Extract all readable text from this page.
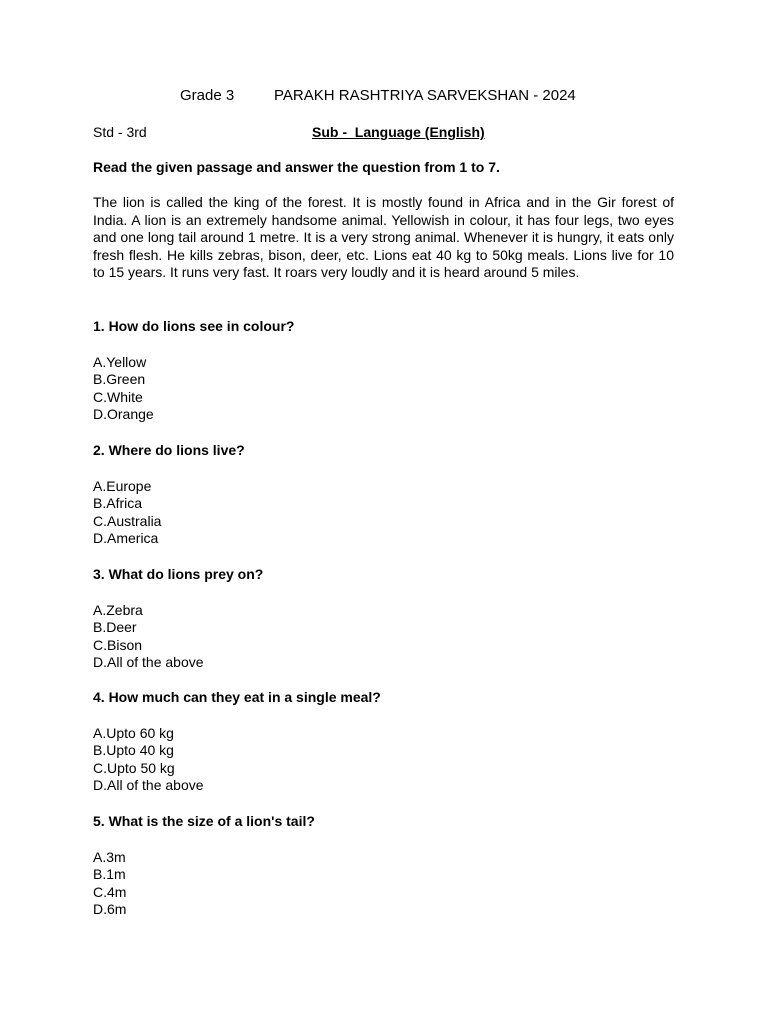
Grade 3	PARAKH RASHTRIYA SARVEKSHAN - 2024
Std - 3rd	Sub -  Language (English)
Read the given passage and answer the question from 1 to 7.

The lion is called the king of the forest. It is mostly found in Africa and in the Gir forest of India. A lion is an extremely handsome animal. Yellowish in colour, it has four legs, two eyes and one long tail around 1 metre. It is a very strong animal. Whenever it is hungry, it eats only fresh flesh. He kills zebras, bison, deer, etc. Lions eat 40 kg to 50kg meals. Lions live for 10 to 15 years. It runs very fast. It roars very loudly and it is heard around 5 miles.

1. How do lions see in colour?

A.Yellow
B.Green
C.White
D.Orange

2. Where do lions live?

A.Europe
B.Africa
C.Australia
D.America

3. What do lions prey on?

A.Zebra
B.Deer
C.Bison
D.All of the above

4. How much can they eat in a single meal?

A.Upto 60 kg
B.Upto 40 kg
C.Upto 50 kg
D.All of the above

5. What is the size of a lion's tail?

A.3m
B.1m
C.4m
D.6m
